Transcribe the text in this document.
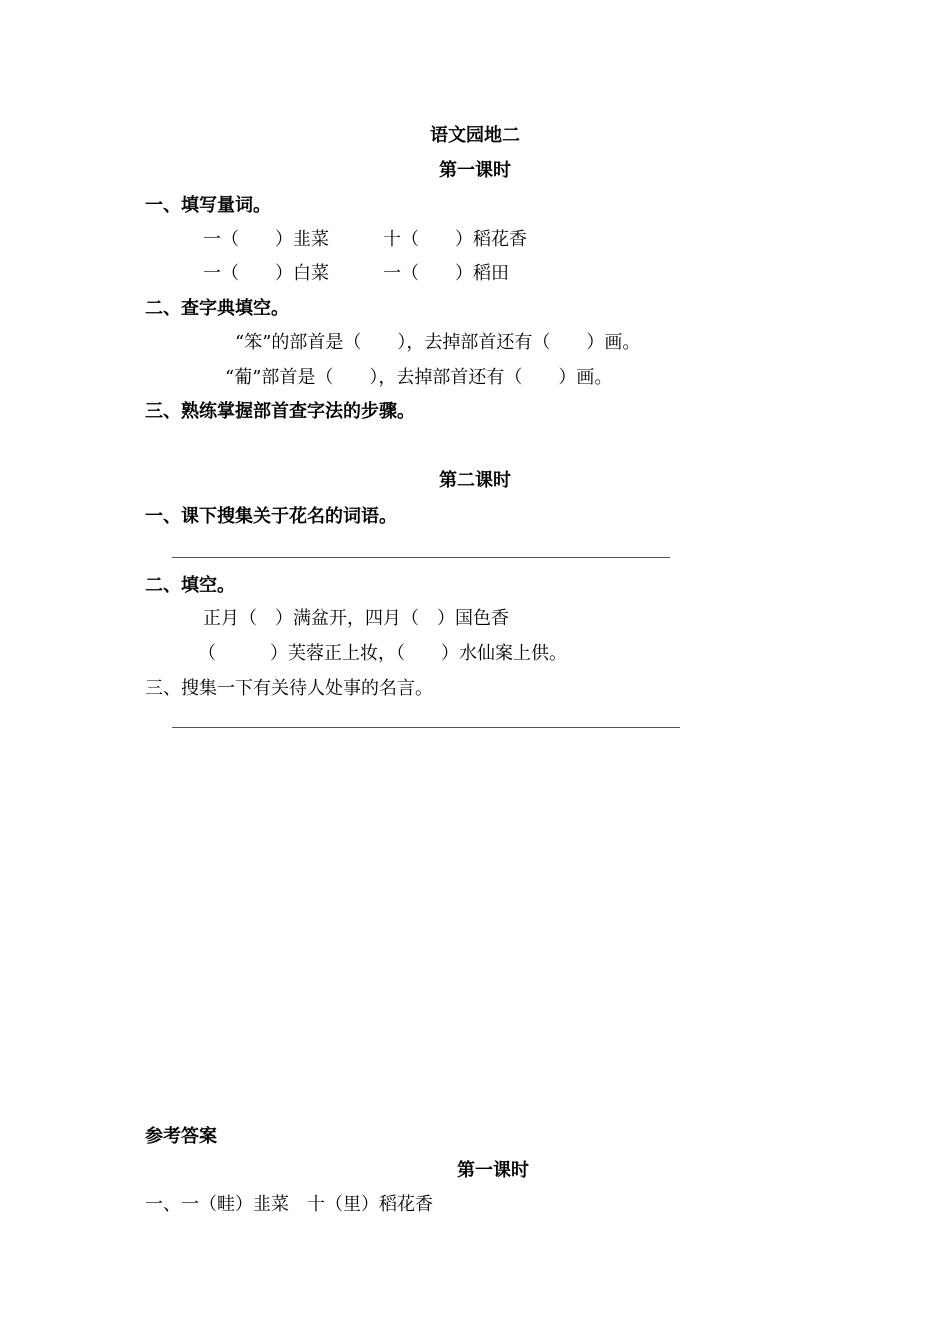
语文园地二
第一课时
一、填写量词。
一（　　）韭菜　　　十（　　）稻花香
一（　　）白菜　　　一（　　）稻田
二、查字典填空。
“笨”的部首是（　　），去掉部首还有（　　）画。
“葡”部首是（　　），去掉部首还有（　　）画。
三、熟练掌握部首查字法的步骤。
第二课时
一、课下搜集关于花名的词语。
二、填空。
正月（　）满盆开，四月（　）国色香
（　　　）芙蓉正上妆，（　　）水仙案上供。
三、搜集一下有关待人处事的名言。
参考答案
第一课时
一、一（畦）韭菜　十（里）稻花香
